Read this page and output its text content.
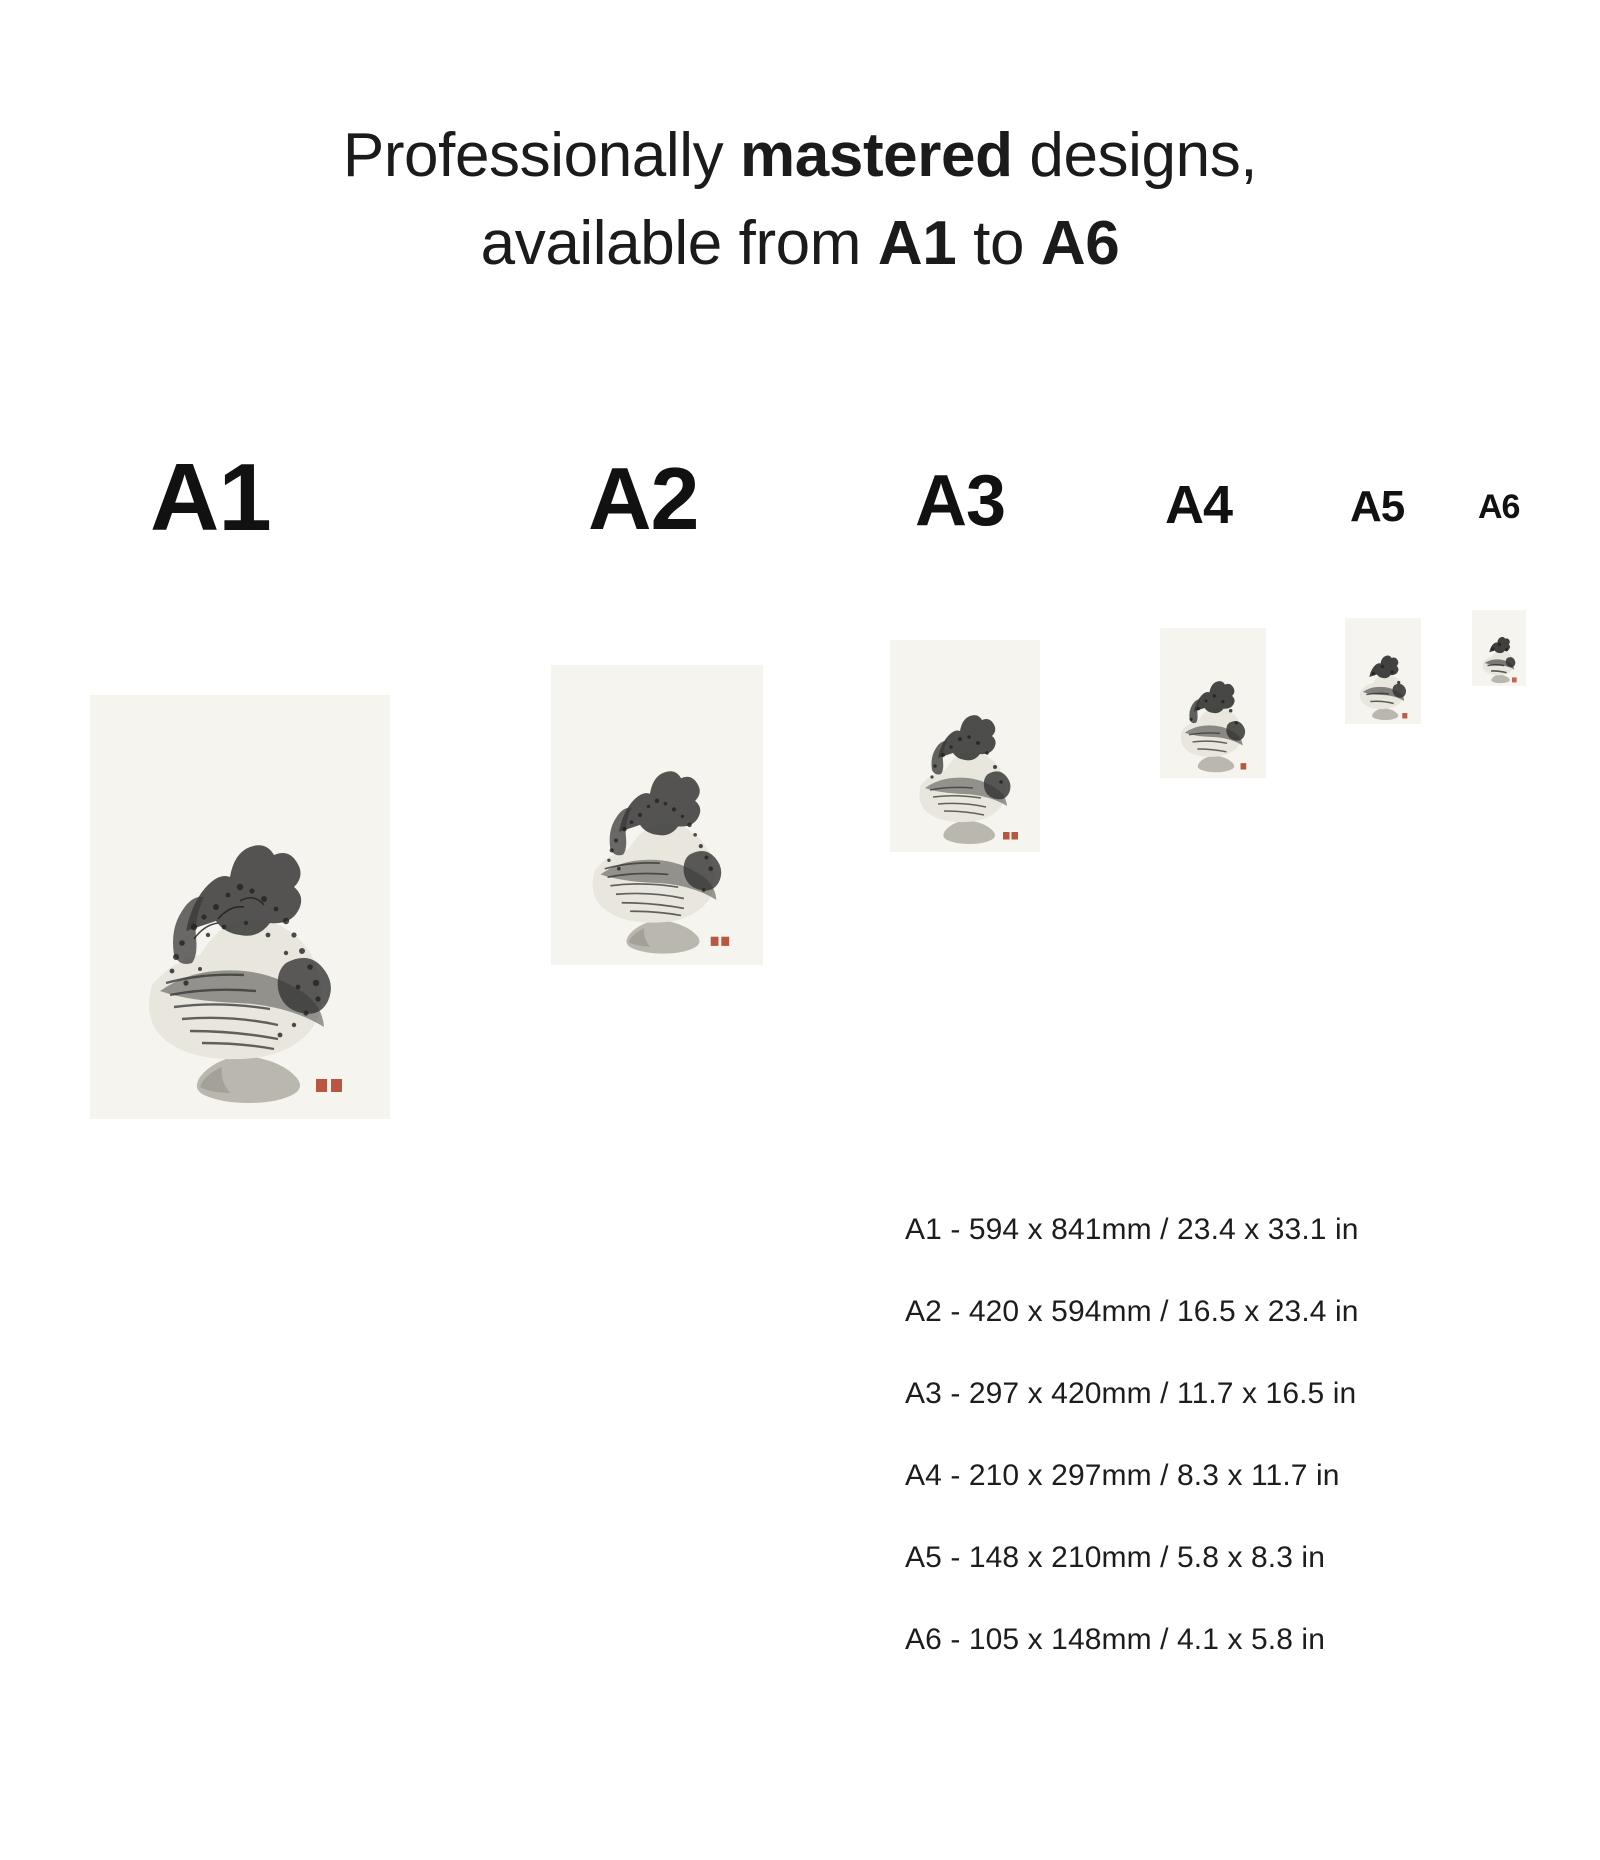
Professionally mastered designs,
available from A1 to A6
A1	A2	A3	A4	A5 A6
A1 - 594 x 841mm / 23.4 x 33.1 in
A2 - 420 x 594mm / 16.5 x 23.4 in
A3 - 297 x 420mm / 11.7 x 16.5 in
A4 - 210 x 297mm / 8.3 x 11.7 in
A5 - 148 x 210mm / 5.8 x 8.3 in
A6 - 105 x 148mm / 4.1 x 5.8 in
